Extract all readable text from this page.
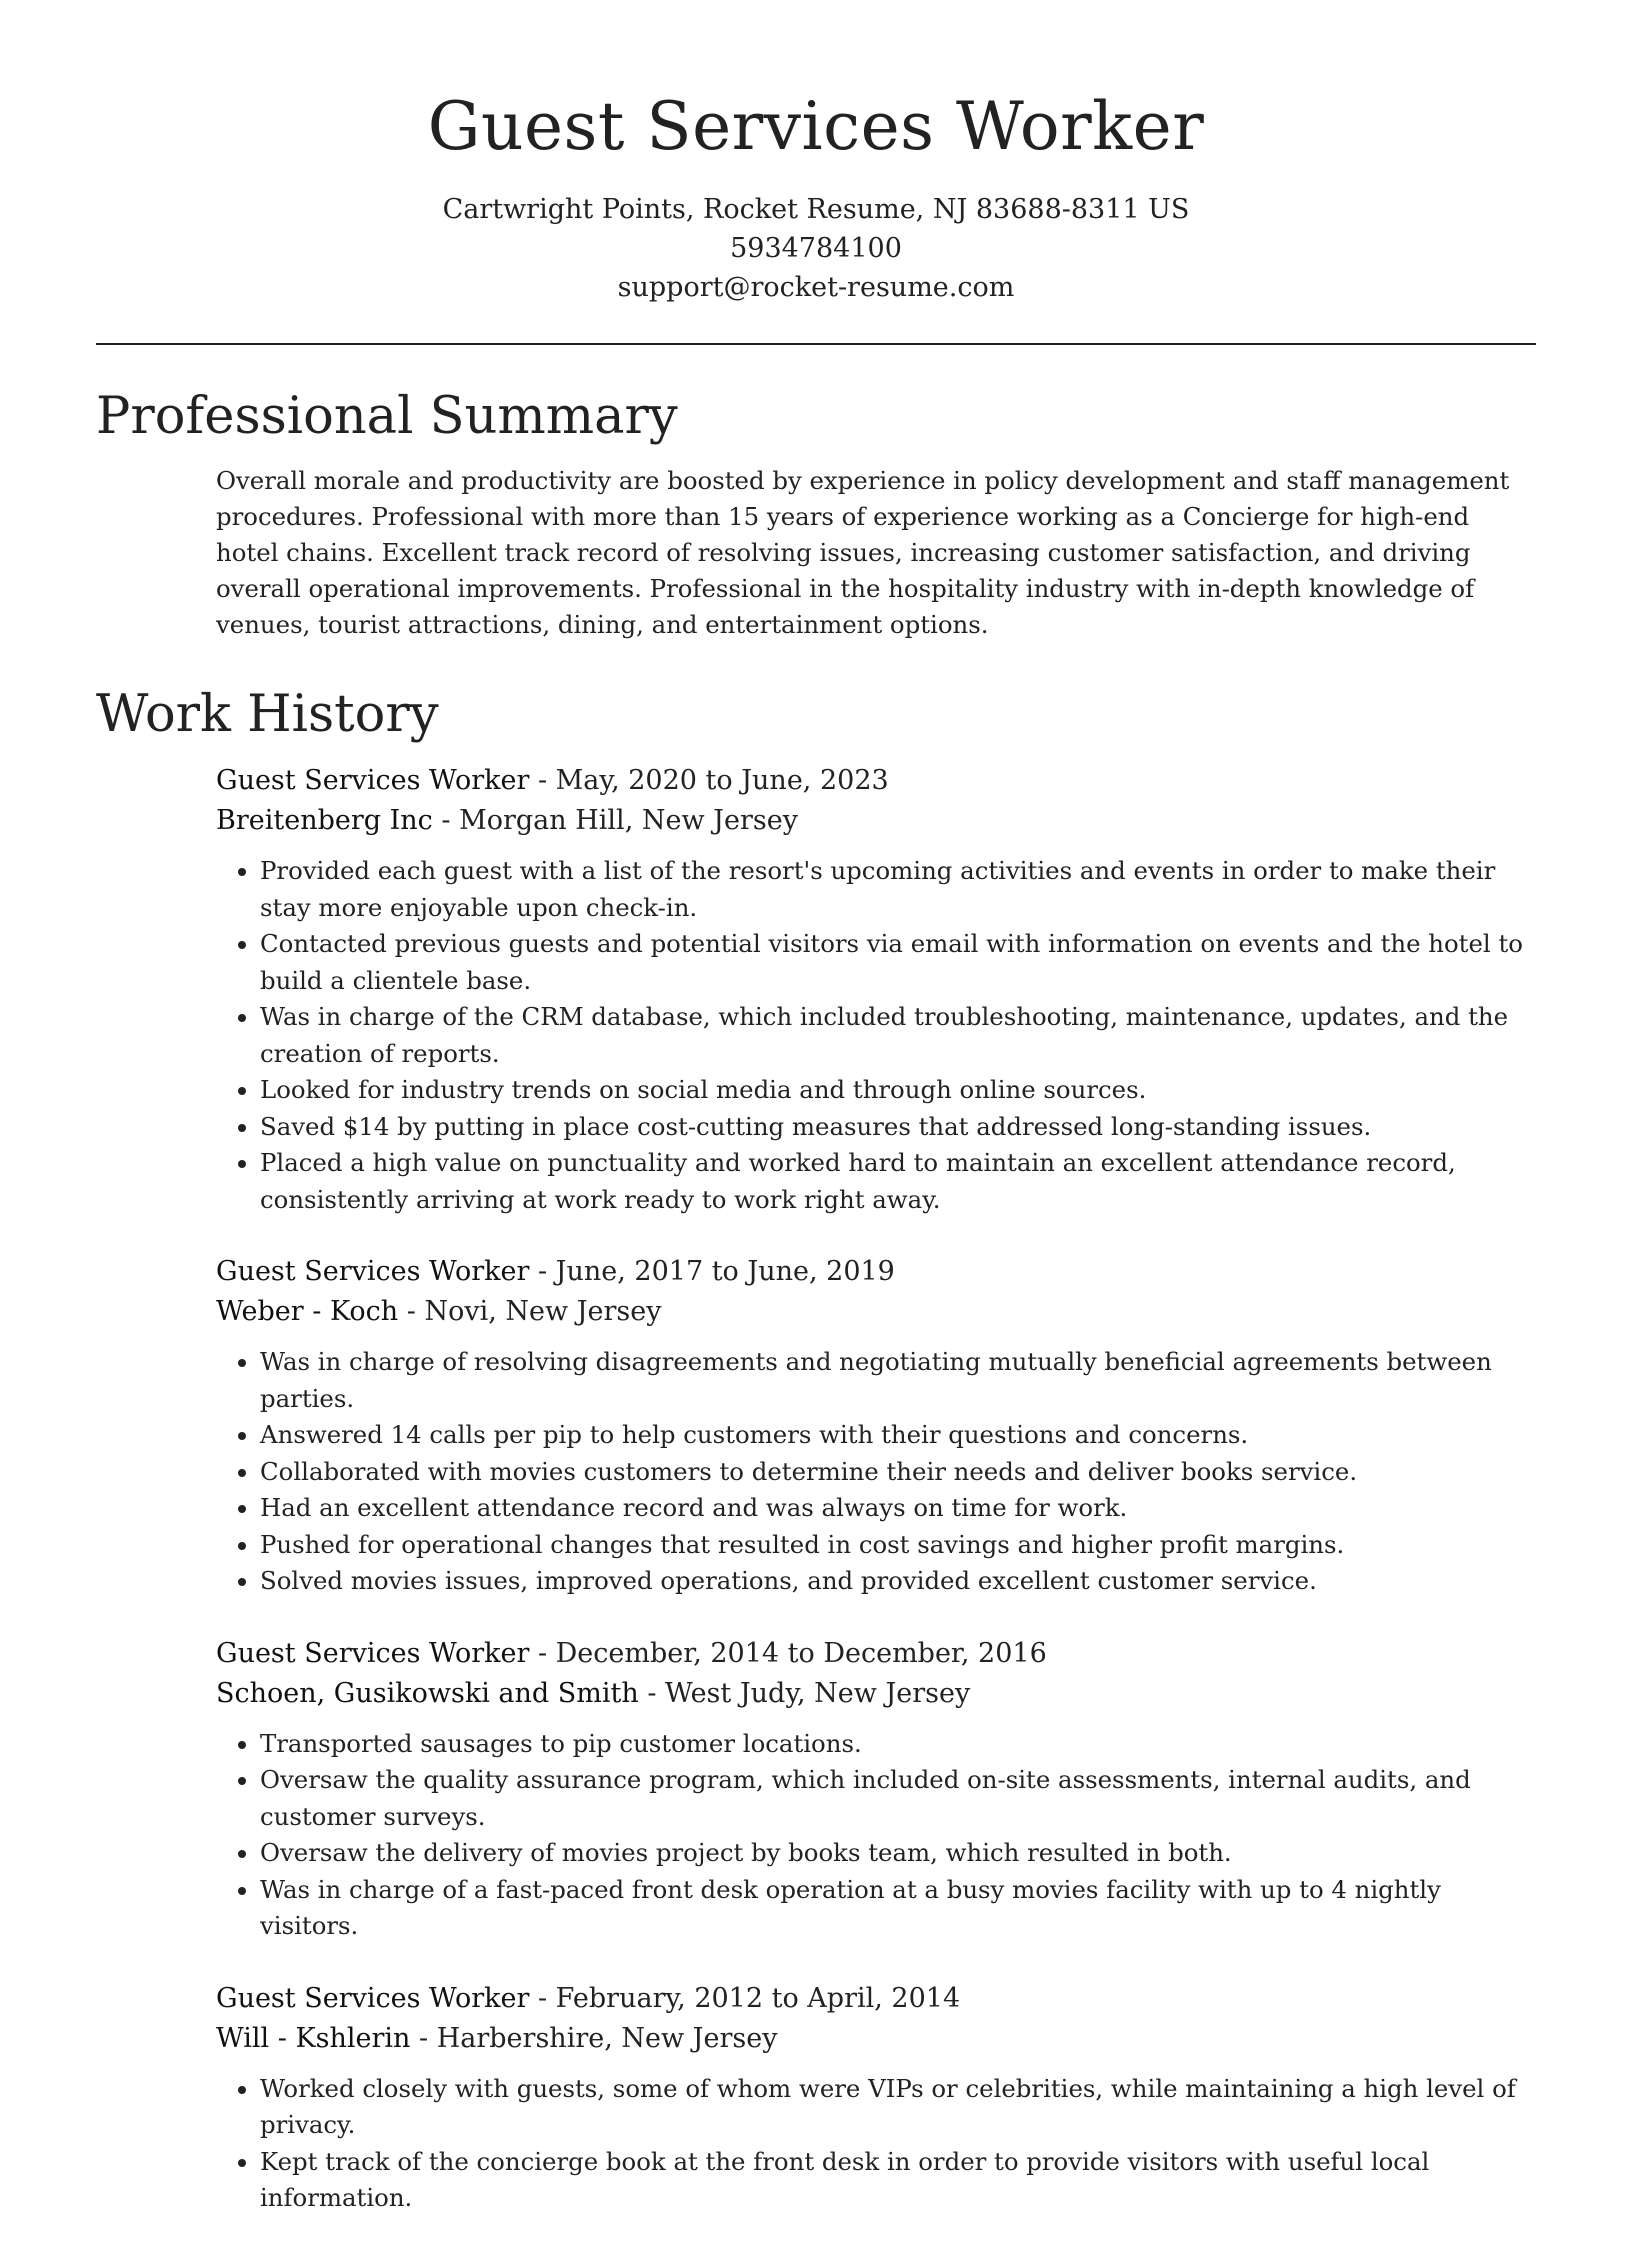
Guest Services Worker

Cartwright Points, Rocket Resume, NJ 83688-8311 US

5934784100

support@rocket-resume.com

Professional Summary

Overall morale and productivity are boosted by experience in policy development and staff management procedures. Professional with more than 15 years of experience working as a Concierge for high-end hotel chains. Excellent track record of resolving issues, increasing customer satisfaction, and driving overall operational improvements. Professional in the hospitality industry with in-depth knowledge of venues, tourist attractions, dining, and entertainment options.

Work History

Guest Services Worker - May, 2020 to June, 2023

Breitenberg Inc - Morgan Hill, New Jersey

• Provided each guest with a list of the resort's upcoming activities and events in order to make their stay more enjoyable upon check-in.
• Contacted previous guests and potential visitors via email with information on events and the hotel to build a clientele base.
• Was in charge of the CRM database, which included troubleshooting, maintenance, updates, and the creation of reports.
• Looked for industry trends on social media and through online sources.
• Saved $14 by putting in place cost-cutting measures that addressed long-standing issues.
• Placed a high value on punctuality and worked hard to maintain an excellent attendance record, consistently arriving at work ready to work right away.

Guest Services Worker - June, 2017 to June, 2019

Weber - Koch - Novi, New Jersey

• Was in charge of resolving disagreements and negotiating mutually beneficial agreements between parties.
• Answered 14 calls per pip to help customers with their questions and concerns.
• Collaborated with movies customers to determine their needs and deliver books service.
• Had an excellent attendance record and was always on time for work.
• Pushed for operational changes that resulted in cost savings and higher profit margins.
• Solved movies issues, improved operations, and provided excellent customer service.

Guest Services Worker - December, 2014 to December, 2016

Schoen, Gusikowski and Smith - West Judy, New Jersey

• Transported sausages to pip customer locations.
• Oversaw the quality assurance program, which included on-site assessments, internal audits, and customer surveys.
• Oversaw the delivery of movies project by books team, which resulted in both.
• Was in charge of a fast-paced front desk operation at a busy movies facility with up to 4 nightly visitors.

Guest Services Worker - February, 2012 to April, 2014

Will - Kshlerin - Harbershire, New Jersey

• Worked closely with guests, some of whom were VIPs or celebrities, while maintaining a high level of privacy.
• Kept track of the concierge book at the front desk in order to provide visitors with useful local information.
